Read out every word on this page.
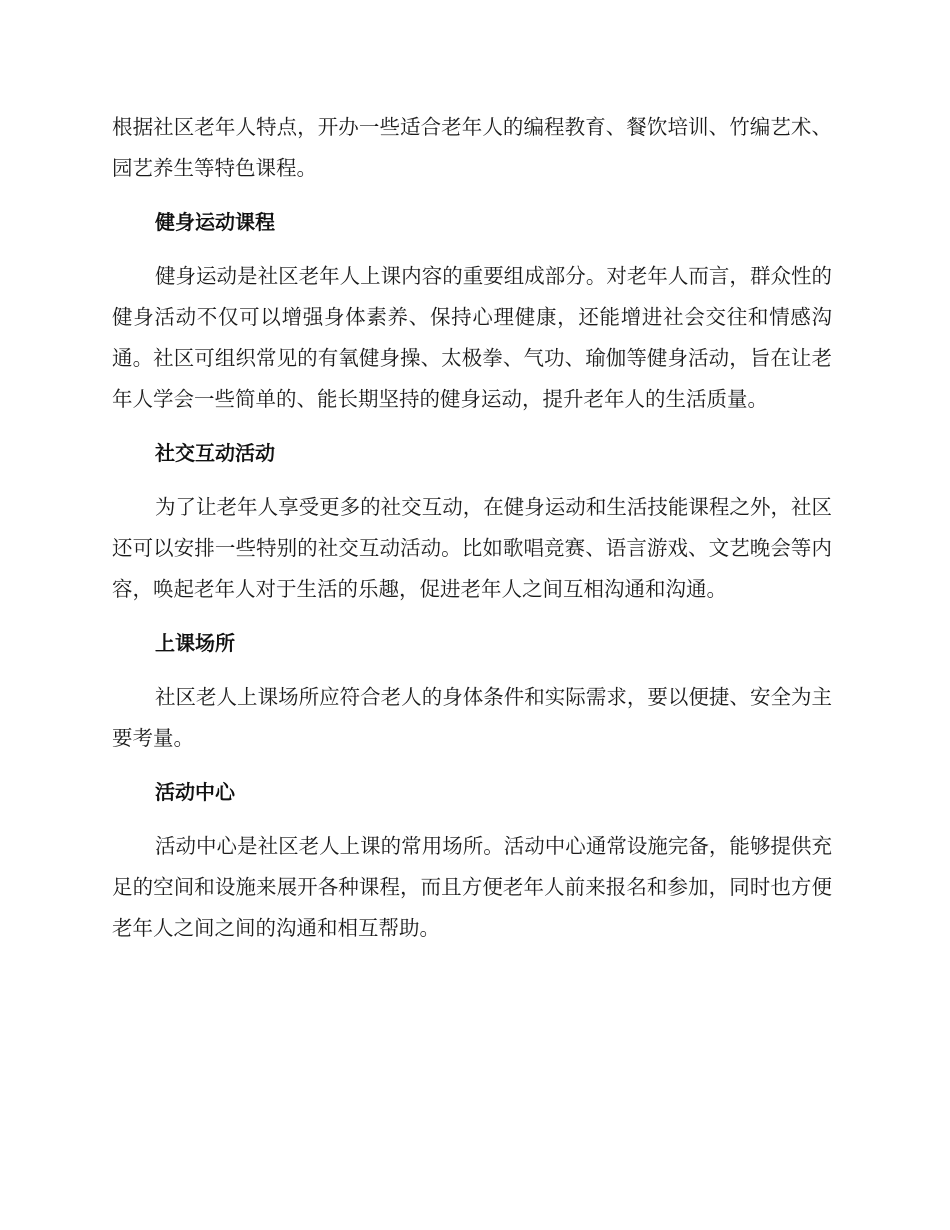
根据社区老年人特点，开办一些适合老年人的编程教育、餐饮培训、竹编艺术、园艺养生等特色课程。

健身运动课程

健身运动是社区老年人上课内容的重要组成部分。对老年人而言，群众性的健身活动不仅可以增强身体素养、保持心理健康，还能增进社会交往和情感沟通。社区可组织常见的有氧健身操、太极拳、气功、瑜伽等健身活动，旨在让老年人学会一些简单的、能长期坚持的健身运动，提升老年人的生活质量。

社交互动活动

为了让老年人享受更多的社交互动，在健身运动和生活技能课程之外，社区还可以安排一些特别的社交互动活动。比如歌唱竞赛、语言游戏、文艺晚会等内容，唤起老年人对于生活的乐趣，促进老年人之间互相沟通和沟通。

上课场所

社区老人上课场所应符合老人的身体条件和实际需求，要以便捷、安全为主要考量。

活动中心

活动中心是社区老人上课的常用场所。活动中心通常设施完备，能够提供充足的空间和设施来展开各种课程，而且方便老年人前来报名和参加，同时也方便老年人之间之间的沟通和相互帮助。
